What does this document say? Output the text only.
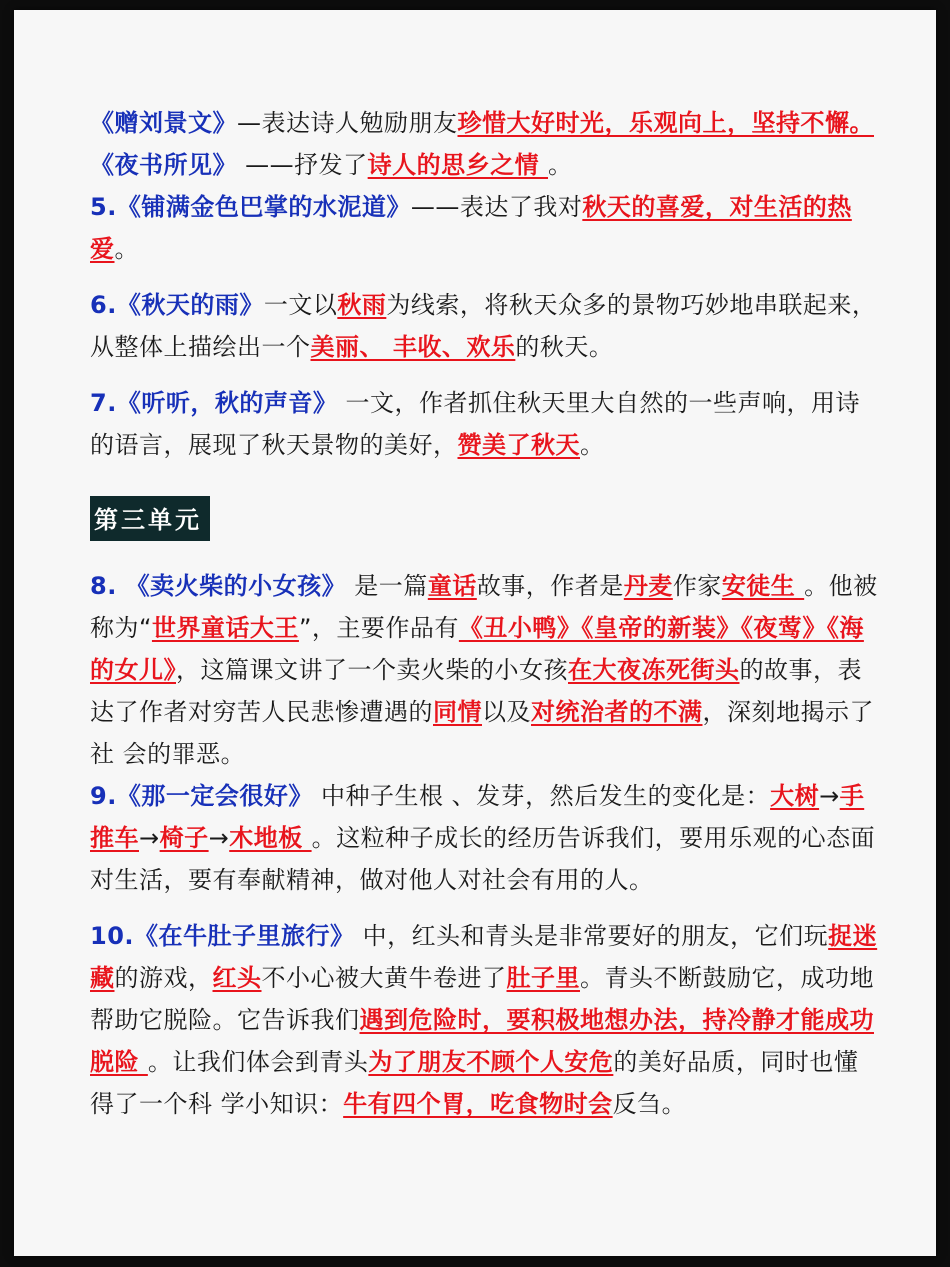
《赠刘景文》—表达诗人勉励朋友珍惜大好时光，乐观向上，坚持不懈。《夜书所见》 ——抒发了诗人的思乡之情 。

5.《铺满金色巴掌的水泥道》——表达了我对秋天的喜爱，对生活的热爱。

6.《秋天的雨》一文以秋雨为线索，将秋天众多的景物巧妙地串联起来，从整体上描绘出一个美丽、 丰收、欢乐的秋天。

7.《听听，秋的声音》 一文，作者抓住秋天里大自然的一些声响，用诗的语言，展现了秋天景物的美好，赞美了秋天。

第三单元

8. 《卖火柴的小女孩》 是一篇童话故事，作者是丹麦作家安徒生 。他被称为“世界童话大王”，主要作品有《丑小鸭》《皇帝的新装》《夜莺》《海的女儿》，这篇课文讲了一个卖火柴的小女孩在大夜冻死街头的故事，表达了作者对穷苦人民悲惨遭遇的同情以及对统治者的不满，深刻地揭示了社 会的罪恶。

9.《那一定会很好》 中种子生根 、发芽，然后发生的变化是：大树→手推车→椅子→木地板 。这粒种子成长的经历告诉我们，要用乐观的心态面对生活，要有奉献精神，做对他人对社会有用的人。

10.《在牛肚子里旅行》 中，红头和青头是非常要好的朋友，它们玩捉迷藏的游戏，红头不小心被大黄牛卷进了肚子里。青头不断鼓励它，成功地帮助它脱险。它告诉我们遇到危险时，要积极地想办法，持冷静才能成功脱险 。让我们体会到青头为了朋友不顾个人安危的美好品质，同时也懂得了一个科 学小知识：牛有四个胃，吃食物时会反刍。
